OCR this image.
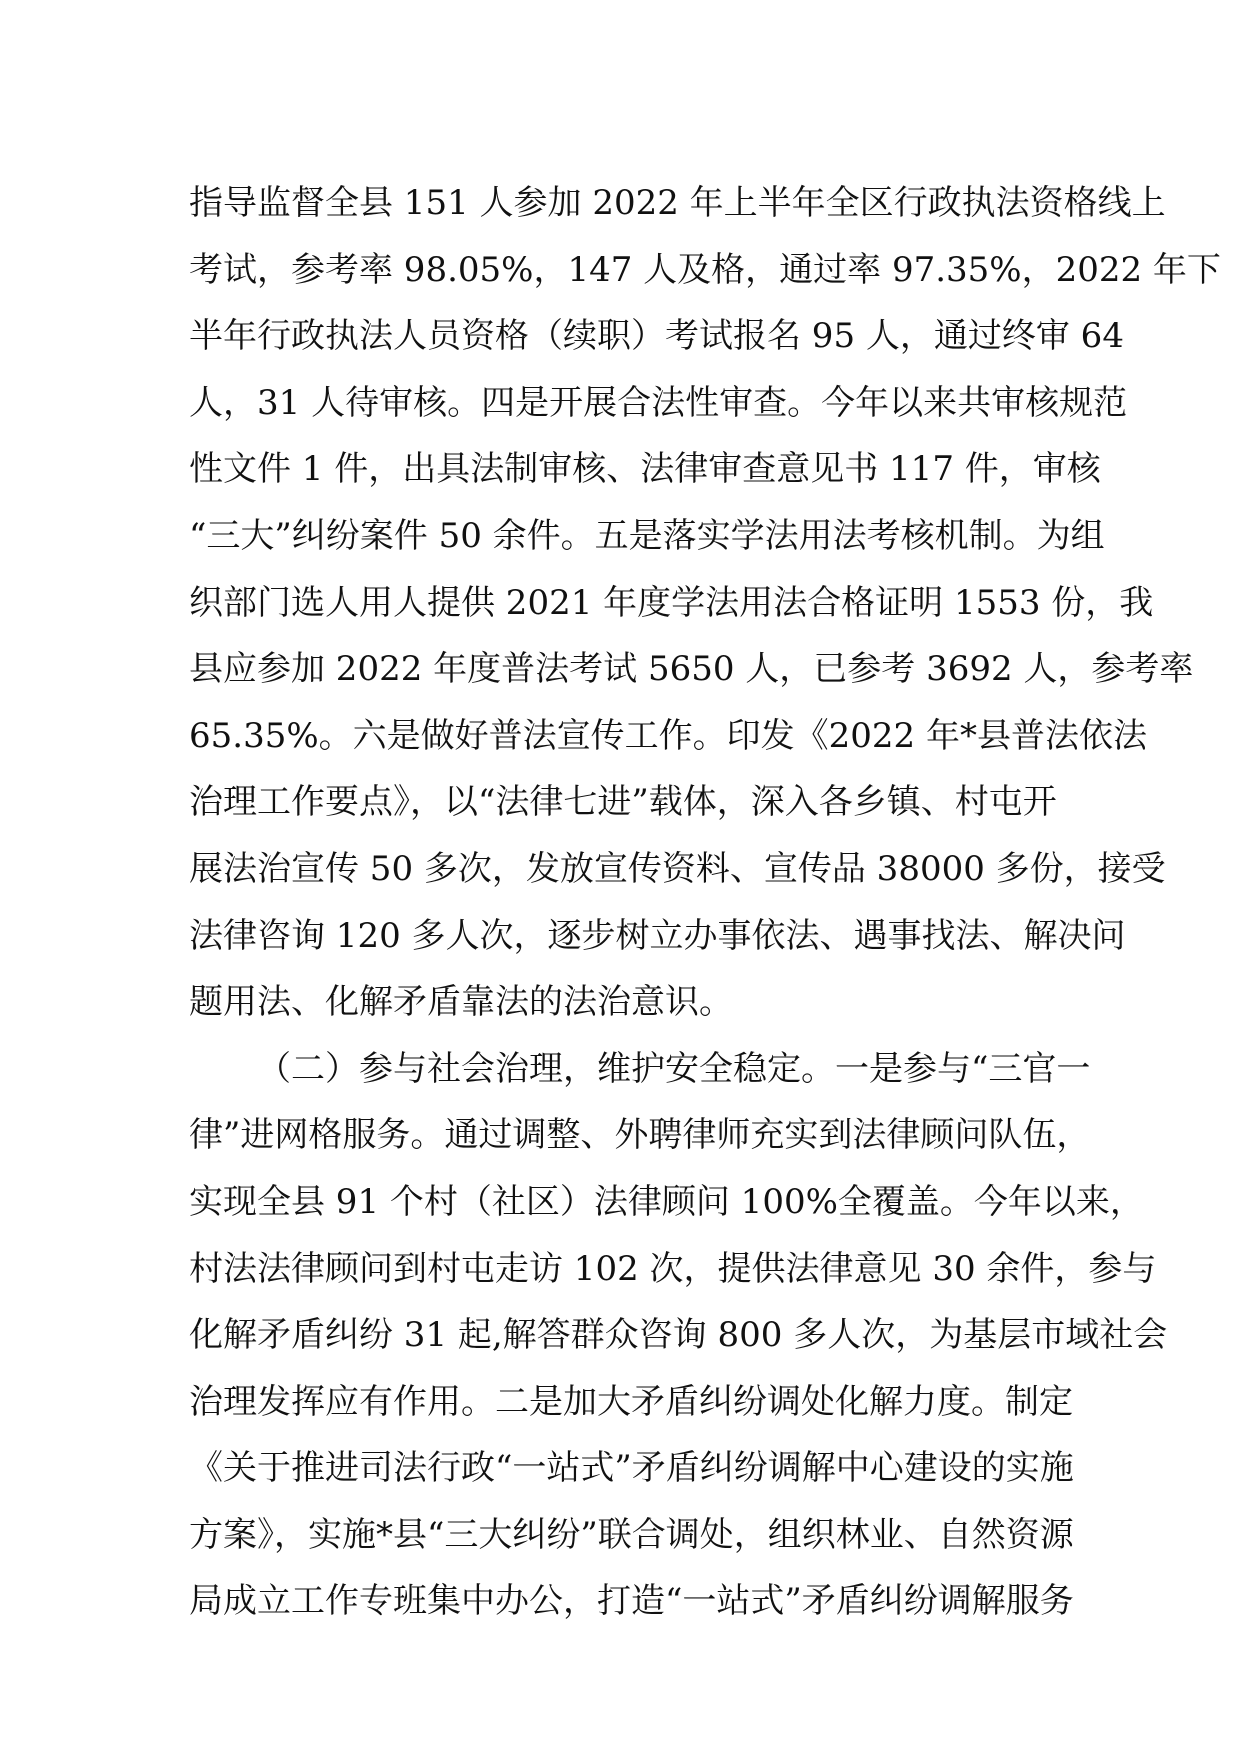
指导监督全县 151 人参加 2022 年上半年全区行政执法资格线上
考试，参考率 98.05%，147 人及格，通过率 97.35%，2022 年下
半年行政执法人员资格（续职）考试报名 95 人，通过终审 64
人，31 人待审核。四是开展合法性审查。今年以来共审核规范
性文件 1 件，出具法制审核、法律审查意见书 117 件，审核
“三大”纠纷案件 50 余件。五是落实学法用法考核机制。为组
织部门选人用人提供 2021 年度学法用法合格证明 1553 份，我
县应参加 2022 年度普法考试 5650 人，已参考 3692 人，参考率
65.35%。六是做好普法宣传工作。印发《2022 年*县普法依法
治理工作要点》，以“法律七进”载体，深入各乡镇、村屯开
展法治宣传 50 多次，发放宣传资料、宣传品 38000 多份，接受
法律咨询 120 多人次，逐步树立办事依法、遇事找法、解决问
题用法、化解矛盾靠法的法治意识。
（二）参与社会治理，维护安全稳定。一是参与“三官一
律”进网格服务。通过调整、外聘律师充实到法律顾问队伍，
实现全县 91 个村（社区）法律顾问 100%全覆盖。今年以来，
村法法律顾问到村屯走访 102 次，提供法律意见 30 余件，参与
化解矛盾纠纷 31 起,解答群众咨询 800 多人次，为基层市域社会
治理发挥应有作用。二是加大矛盾纠纷调处化解力度。制定
《关于推进司法行政“一站式”矛盾纠纷调解中心建设的实施
方案》，实施*县“三大纠纷”联合调处，组织林业、自然资源
局成立工作专班集中办公，打造“一站式”矛盾纠纷调解服务
